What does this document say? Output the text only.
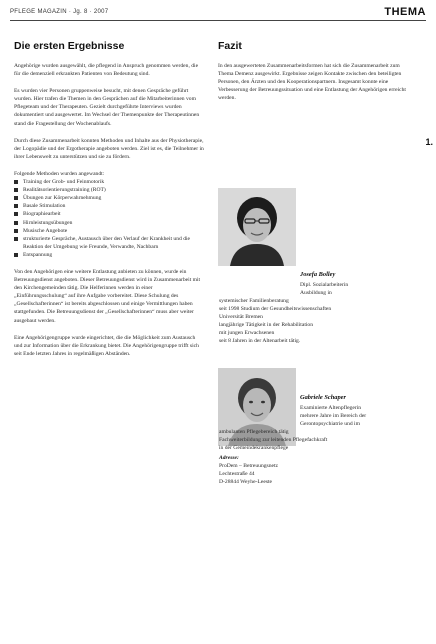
PFLEGE MAGAZIN · Jg. 8 · 2007	THEMA
1.
Die ersten Ergebnisse

Angehörige wurden ausgewählt, die pflegend in Anspruch genommen werden, die für die demenziell erkrankten Patienten von Bedeutung sind.

Es wurden vier Personen gruppenweise besucht, mit denen Gespräche geführt wurden. Hier trafen die Themen in den Gesprächen auf die Mitarbeiterinnen vom Pflegeteam und der Therapeuten. Gezielt durchgeführte Interviews wurden dokumentiert und ausgewertet. Im Wechsel der Themenpunkte der Therapeutinnen stand die Fragestellung der Wochenablaufs.

Durch diese Zusammenarbeit konnten Methoden und Inhalte aus der Physiotherapie, der Logopädie und der Ergotherapie angeboten werden. Ziel ist es, die Teilnehmer in ihrer Lebenswelt zu unterstützen und sie zu fördern.

Folgende Methoden wurden angewandt:

Training der Grob- und Feinmotorik
Realitätsorientierungstraining (ROT)
Übungen zur Körperwahrnehmung
Basale Stimulation
Biographiearbeit
Hirnleistungsübungen
Musische Angebote
strukturierte Gespräche, Austausch über den Verlauf der Krankheit und die Reaktion der Umgebung wie Freunde, Verwandte, Nachbarn
Entspannung

Von den Angehörigen eine weitere Entlastung anbieten zu können, wurde ein Betreuungsdienst angeboten. Dieser Betreuungsdienst wird in Zusammenarbeit mit den Kirchengemeinden tätig. Die Helferinnen werden in einer „Einführungsschulung“ auf ihre Aufgabe vorbereitet. Diese Schulung des „Gesellschafterinnen“ ist bereits abgeschlossen und einige Vermittlungen haben stattgefunden. Die Betreuungsdienst der „Gesellschafterinnen“ muss aber weiter ausgebaut werden.

Eine Angehörigengruppe wurde eingerichtet, die die Möglichkeit zum Austausch und zur Information über die Erkrankung bietet. Die Angehörigengruppe trifft sich seit Ende letzten Jahres in regelmäßigen Abständen.

Fazit

In den ausgewerteten Zusammenarbeitsformen hat sich die Zusammenarbeit zum Thema Demenz ausgewirkt. Ergebnisse zeigen Kontakte zwischen den beteiligten Personen, den Ärzten und den Kooperationspartnern. Insgesamt konnte eine Verbesserung der Betreuungssituation und eine Entlastung der Angehörigen erreicht werden.

Josefa Bolley
Dipl. Sozialarbeiterin
Ausbildung in
systemischer Familienberatung
seit 1998 Studium der Gesundheitswissenschaften
Universität Bremen
langjährige Tätigkeit in der Rehabilitation
mit jungen Erwachsenen
seit 8 Jahren in der Altenarbeit tätig.
Gabriele Schaper
Examinierte Altenpflegerin
mehrere Jahre im Bereich der
Gerontopsychiatrie und im
ambulanten Pflegebereich tätig
Fachweiterbildung zur leitenden Pflegefachkraft
in der Gemeindekrankenpflege
Adresse:
ProDem – Betreuungsnetz
Lechtestraße 44
D-28844 Weyhe-Leeste
